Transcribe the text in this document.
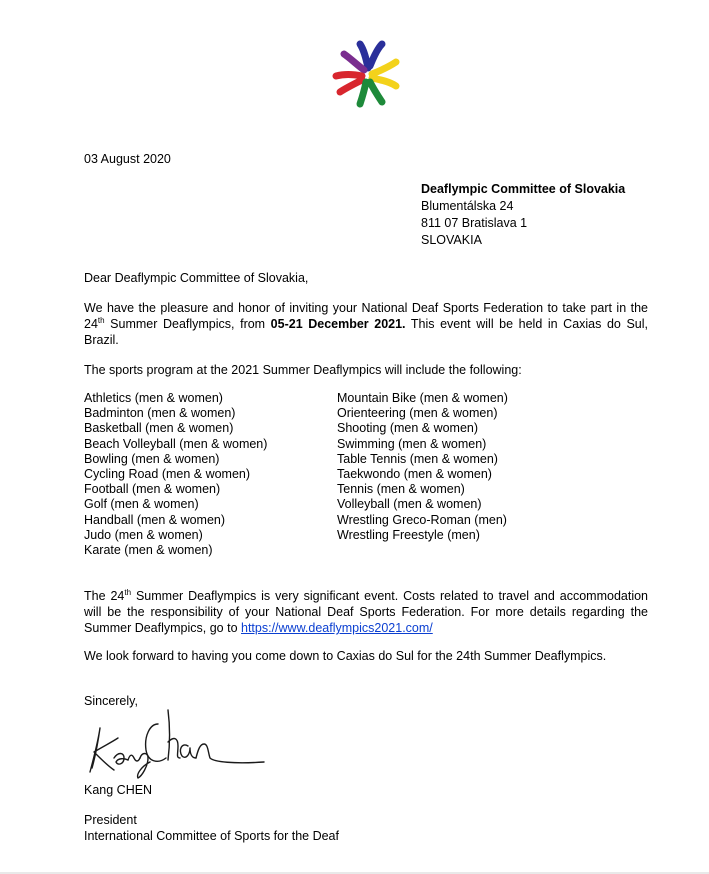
03 August 2020
Deaflympic Committee of Slovakia
Blumentálska 24
811 07 Bratislava 1
SLOVAKIA
Dear Deaflympic Committee of Slovakia,
We have the pleasure and honor of inviting your National Deaf Sports Federation to take part in the 24th Summer Deaflympics, from 05-21 December 2021. This event will be held in Caxias do Sul, Brazil.
The sports program at the 2021 Summer Deaflympics will include the following:
Athletics (men & women)
Badminton (men & women)
Basketball (men & women)
Beach Volleyball (men & women)
Bowling (men & women)
Cycling Road (men & women)
Football (men & women)
Golf (men & women)
Handball (men & women)
Judo (men & women)
Karate (men & women)
Mountain Bike (men & women)
Orienteering (men & women)
Shooting (men & women)
Swimming (men & women)
Table Tennis (men & women)
Taekwondo (men & women)
Tennis (men & women)
Volleyball (men & women)
Wrestling Greco-Roman (men)
Wrestling Freestyle (men)
The 24th Summer Deaflympics is very significant event. Costs related to travel and accommodation will be the responsibility of your National Deaf Sports Federation. For more details regarding the Summer Deaflympics, go to https://www.deaflympics2021.com/
We look forward to having you come down to Caxias do Sul for the 24th Summer Deaflympics.
Sincerely,
Kang CHEN
President
International Committee of Sports for the Deaf
